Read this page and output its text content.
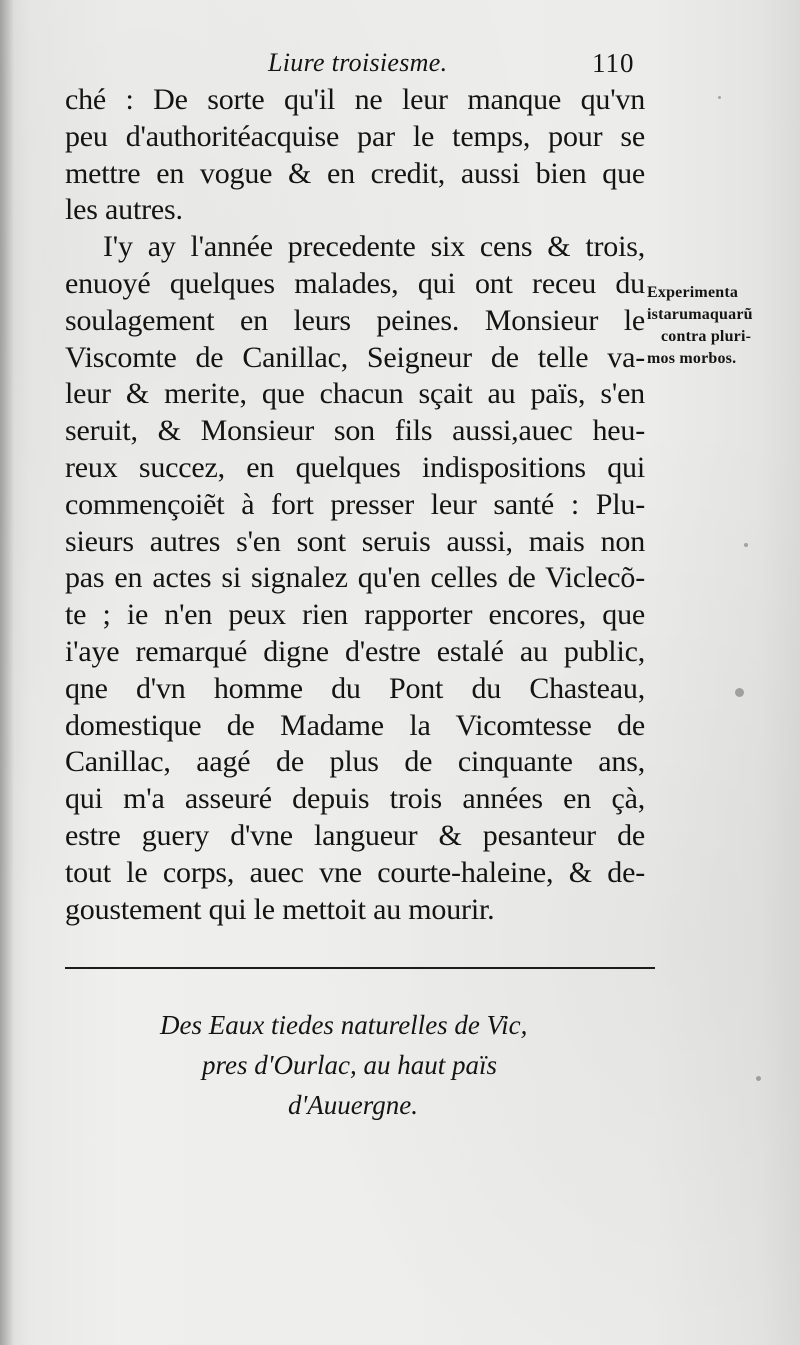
Liure troisiesme.	110
ché : De sorte qu'il ne leur manque qu'vn
peu d'authoritéacquise par le temps, pour se
mettre en vogue & en credit, aussi bien que
les autres.
I'y ay l'année precedente six cens & trois,
enuoyé quelques malades, qui ont receu du
soulagement en leurs peines. Monsieur le
Viscomte de Canillac, Seigneur de telle va-
leur & merite, que chacun sçait au païs, s'en
seruit, & Monsieur son fils aussi,auec heu-
reux succez, en quelques indispositions qui
commençoiẽt à fort presser leur santé : Plu-
sieurs autres s'en sont seruis aussi, mais non
pas en actes si signalez qu'en celles de Viclecõ-
te ; ie n'en peux rien rapporter encores, que
i'aye remarqué digne d'estre estalé au public,
qne d'vn homme du Pont du Chasteau,
domestique de Madame la Vicomtesse de
Canillac, aagé de plus de cinquante ans,
qui m'a asseuré depuis trois années en çà,
estre guery d'vne langueur & pesanteur de
tout le corps, auec vne courte-haleine, & de-
goustement qui le mettoit au mourir.
Experimenta
istarumaquarũ
contra pluri-
mos morbos.
Des Eaux tiedes naturelles de Vic,
pres d'Ourlac, au haut païs
d'Auuergne.
